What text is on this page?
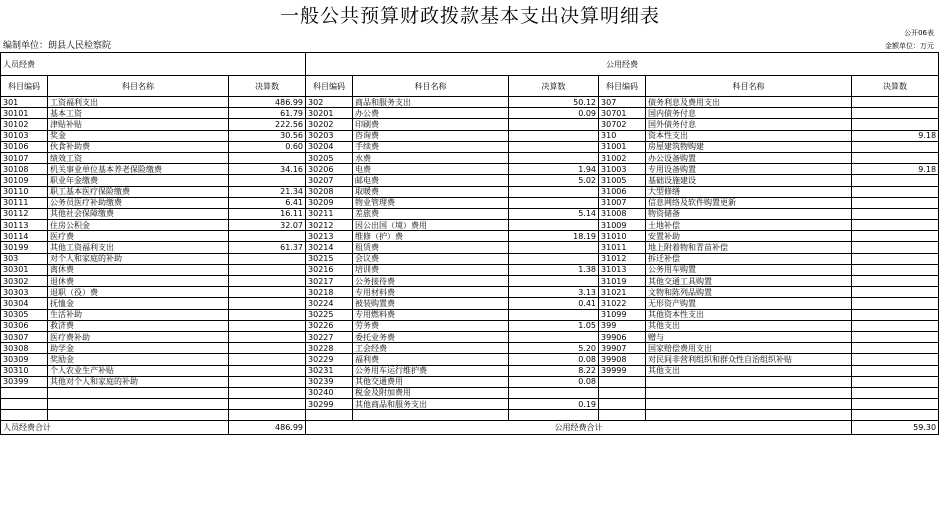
一般公共预算财政拨款基本支出决算明细表
公开06表
编制单位：朗县人民检察院	金额单位：万元
人员经费			公用经费					
科目编码	科目名称	决算数	科目编码	科目名称	决算数	科目编码	科目名称	决算数
301	工资福利支出	486.99	302	商品和服务支出	50.12	307	债务利息及费用支出	
30101	基本工资	61.79	30201	办公费	0.09	30701	国内债务付息	
30102	津贴补贴	222.56	30202	印刷费		30702	国外债务付息	
30103	奖金	30.56	30203	咨询费		310	资本性支出	9.18
30106	伙食补助费	0.60	30204	手续费		31001	房屋建筑物购建	
30107	绩效工资		30205	水费		31002	办公设备购置	
30108	机关事业单位基本养老保险缴费	34.16	30206	电费	1.94	31003	专用设备购置	9.18
30109	职业年金缴费		30207	邮电费	5.02	31005	基础设施建设	
30110	职工基本医疗保险缴费	21.34	30208	取暖费		31006	大型修缮	
30111	公务员医疗补助缴费	6.41	30209	物业管理费		31007	信息网络及软件购置更新	
30112	其他社会保障缴费	16.11	30211	差旅费	5.14	31008	物资储备	
30113	住房公积金	32.07	30212	因公出国（境）费用		31009	土地补偿	
30114	医疗费		30213	维修（护）费	18.19	31010	安置补助	
30199	其他工资福利支出	61.37	30214	租赁费		31011	地上附着物和青苗补偿	
303	对个人和家庭的补助		30215	会议费		31012	拆迁补偿	
30301	离休费		30216	培训费	1.38	31013	公务用车购置	
30302	退休费		30217	公务接待费		31019	其他交通工具购置	
30303	退职（役）费		30218	专用材料费	3.13	31021	文物和陈列品购置	
30304	抚恤金		30224	被装购置费	0.41	31022	无形资产购置	
30305	生活补助		30225	专用燃料费		31099	其他资本性支出	
30306	救济费		30226	劳务费	1.05	399	其他支出	
30307	医疗费补助		30227	委托业务费		39906	赠与	
30308	助学金		30228	工会经费	5.20	39907	国家赔偿费用支出	
30309	奖励金		30229	福利费	0.08	39908	对民间非营利组织和群众性自治组织补贴	
30310	个人农业生产补贴		30231	公务用车运行维护费	8.22	39999	其他支出	
30399	其他对个人和家庭的补助		30239	其他交通费用	0.08			
			30240	税金及附加费用				
			30299	其他商品和服务支出	0.19			

人员经费合计		486.99	公用经费合计					59.30
